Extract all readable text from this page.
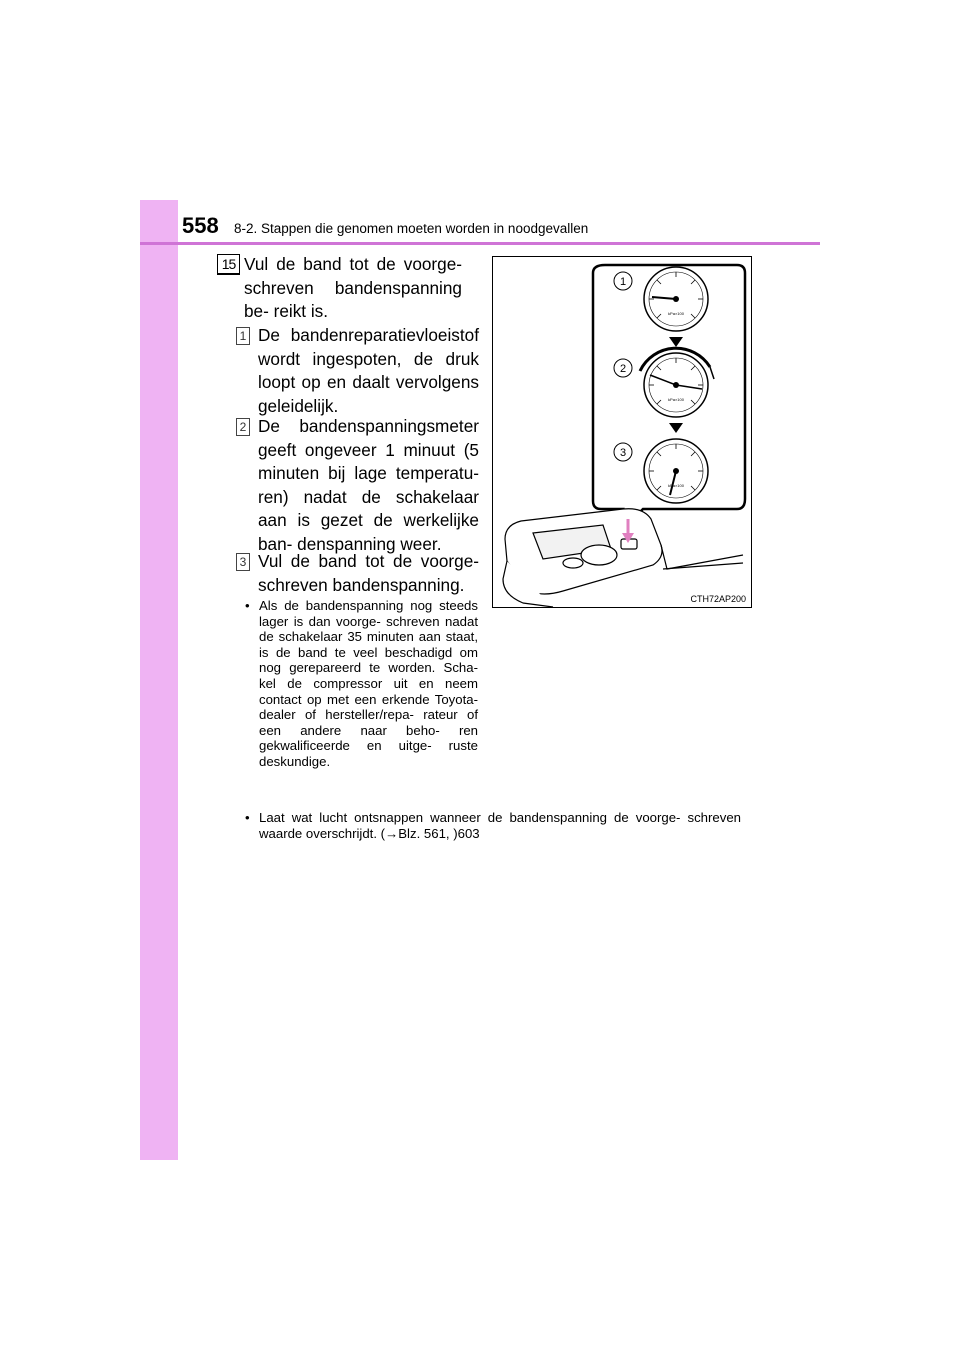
558 8-2. Stappen die genomen moeten worden in noodgevallen
15 Vul de band tot de voorge- schreven bandenspanning be- reikt is.
1 De bandenreparatievloeistof wordt ingespoten, de druk loopt op en daalt vervolgens geleidelijk.
2 De bandenspanningsmeter geeft ongeveer 1 minuut (5 minuten bij lage temperatu- ren) nadat de schakelaar aan is gezet de werkelijke ban- denspanning weer.
3 Vul de band tot de voorge- schreven bandenspanning.
• Als de bandenspanning nog steeds lager is dan voorge- schreven nadat de schakelaar 35 minuten aan staat, is de band te veel beschadigd om nog gerepareerd te worden. Scha- kel de compressor uit en neem contact op met een erkende Toyota-dealer of hersteller/repa- rateur of een andere naar beho- ren gekwalificeerde en uitge- ruste deskundige.
• Laat wat lucht ontsnappen wanneer de bandenspanning de voorge- schreven waarde overschrijdt. (→Blz. 561, )603
kPa×100
kPa×100
kPa×100
1
2
3
CTH72AP200
